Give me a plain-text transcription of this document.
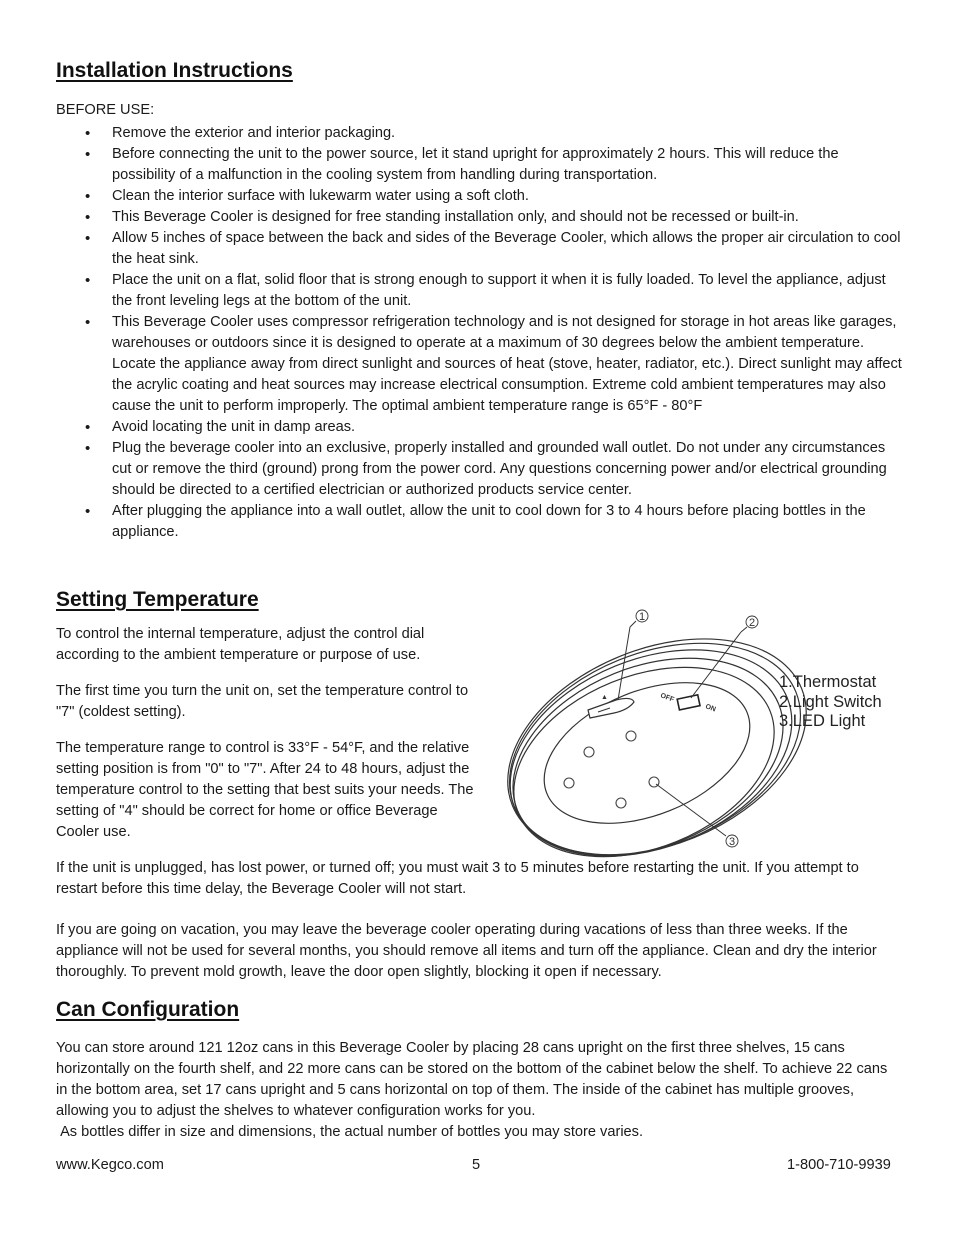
Installation Instructions

BEFORE USE:

• Remove the exterior and interior packaging.
• Before connecting the unit to the power source, let it stand upright for approximately 2 hours. This will reduce the possibility of a malfunction in the cooling system from handling during transportation.
• Clean the interior surface with lukewarm water using a soft cloth.
• This Beverage Cooler is designed for free standing installation only, and should not be recessed or built-in.
• Allow 5 inches of space between the back and sides of the Beverage Cooler, which allows the proper air circulation to cool the heat sink.
• Place the unit on a flat, solid floor that is strong enough to support it when it is fully loaded. To level the appliance, adjust the front leveling legs at the bottom of the unit.
• This Beverage Cooler uses compressor refrigeration technology and is not designed for storage in hot areas like garages, warehouses or outdoors since it is designed to operate at a maximum of 30 degrees below the ambient temperature. Locate the appliance away from direct sunlight and sources of heat (stove, heater, radiator, etc.). Direct sunlight may affect the acrylic coating and heat sources may increase electrical consumption. Extreme cold ambient temperatures may also cause the unit to perform improperly. The optimal ambient temperature range is 65°F - 80°F
• Avoid locating the unit in damp areas.
• Plug the beverage cooler into an exclusive, properly installed and grounded wall outlet. Do not under any circumstances cut or remove the third (ground) prong from the power cord. Any questions concerning power and/or electrical grounding should be directed to a certified electrician or authorized products service center.
• After plugging the appliance into a wall outlet, allow the unit to cool down for 3 to 4 hours before placing bottles in the appliance.
Setting Temperature

To control the internal temperature, adjust the control dial according to the ambient temperature or purpose of use.

The first time you turn the unit on, set the temperature control to "7" (coldest setting).

The temperature range to control is 33°F - 54°F, and the relative setting position is from "0" to "7". After 24 to 48 hours, adjust the temperature control to the setting that best suits your needs. The setting of "4" should be correct for home or office Beverage Cooler use.

▲	OFF
ON
1	2
3
1.Thermostat
2.Light Switch
3.LED Light

If the unit is unplugged, has lost power, or turned off; you must wait 3 to 5 minutes before restarting the unit. If you attempt to restart before this time delay, the Beverage Cooler will not start.

If you are going on vacation, you may leave the beverage cooler operating during vacations of less than three weeks. If the appliance will not be used for several months, you should remove all items and turn off the appliance. Clean and dry the interior thoroughly. To prevent mold growth, leave the door open slightly, blocking it open if necessary.

Can Configuration

You can store around 121 12oz cans in this Beverage Cooler by placing 28 cans upright on the first three shelves, 15 cans horizontally on the fourth shelf, and 22 more cans can be stored on the bottom of the cabinet below the shelf. To achieve 22 cans in the bottom area, set 17 cans upright and 5 cans horizontal on top of them. The inside of the cabinet has multiple grooves, allowing you to adjust the shelves to whatever configuration works for you.

As bottles differ in size and dimensions, the actual number of bottles you may store varies.

www.Kegco.com	5	1-800-710-9939
